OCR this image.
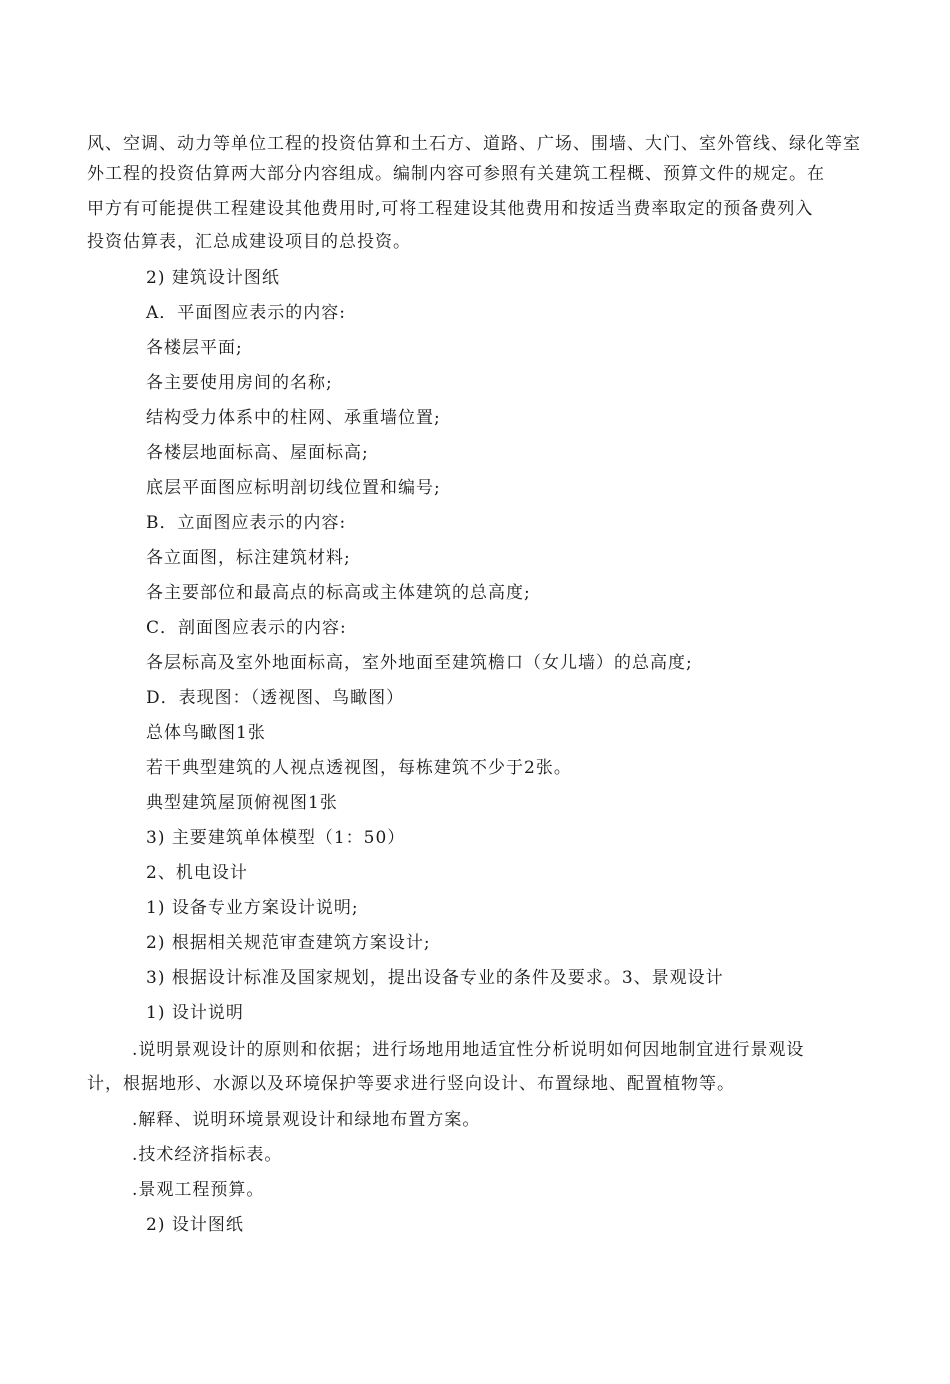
风、空调、动力等单位工程的投资估算和土石方、道路、广场、围墙、大门、室外管线、绿化等室
外工程的投资估算两大部分内容组成。编制内容可参照有关建筑工程概、预算文件的规定。在
甲方有可能提供工程建设其他费用时,可将工程建设其他费用和按适当费率取定的预备费列入
投资估算表，汇总成建设项目的总投资。
2) 建筑设计图纸
A．平面图应表示的内容:
各楼层平面;
各主要使用房间的名称;
结构受力体系中的柱网、承重墙位置;
各楼层地面标高、屋面标高;
底层平面图应标明剖切线位置和编号;
B．立面图应表示的内容:
各立面图，标注建筑材料;
各主要部位和最高点的标高或主体建筑的总高度;
C．剖面图应表示的内容:
各层标高及室外地面标高，室外地面至建筑檐口（女儿墙）的总高度;
D．表现图：（透视图、鸟瞰图）
总体鸟瞰图1张
若干典型建筑的人视点透视图，每栋建筑不少于2张。
典型建筑屋顶俯视图1张
3) 主要建筑单体模型（1：50）
2、机电设计
1) 设备专业方案设计说明;
2) 根据相关规范审查建筑方案设计;
3) 根据设计标准及国家规划，提出设备专业的条件及要求。3、景观设计
1) 设计说明
.说明景观设计的原则和依据；进行场地用地适宜性分析说明如何因地制宜进行景观设
计，根据地形、水源以及环境保护等要求进行竖向设计、布置绿地、配置植物等。
.解释、说明环境景观设计和绿地布置方案。
.技术经济指标表。
.景观工程预算。
2) 设计图纸
